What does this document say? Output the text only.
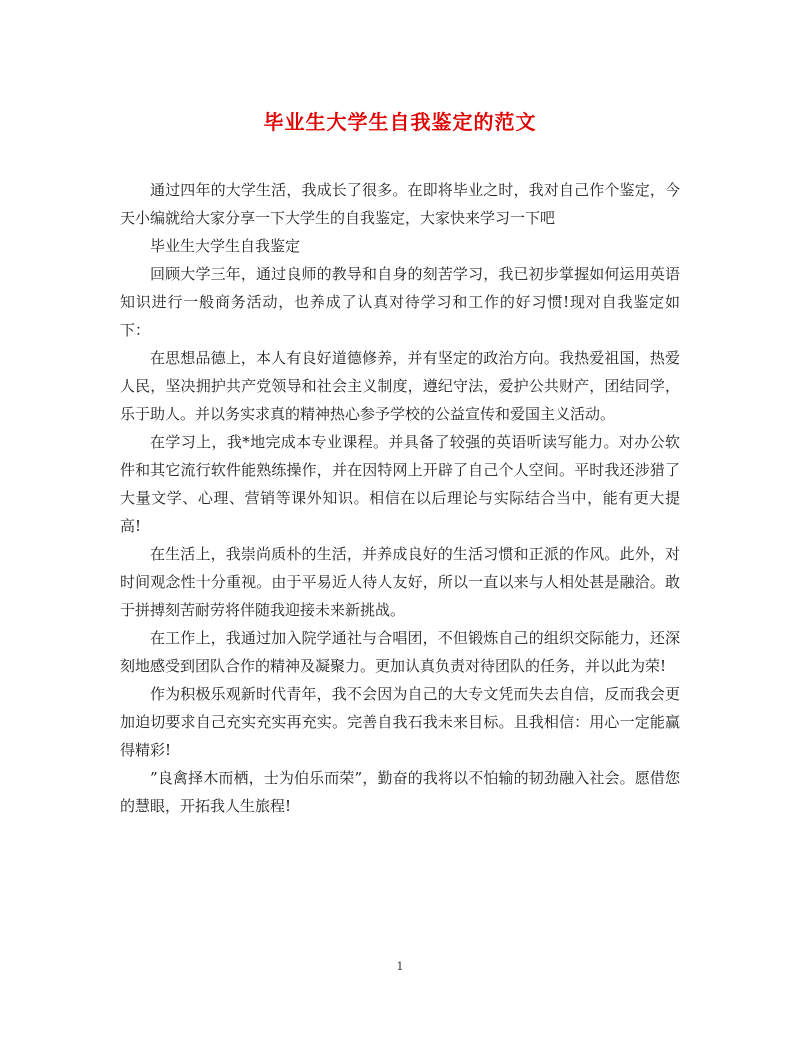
毕业生大学生自我鉴定的范文

通过四年的大学生活，我成长了很多。在即将毕业之时，我对自己作个鉴定，今天小编就给大家分享一下大学生的自我鉴定，大家快来学习一下吧

毕业生大学生自我鉴定

回顾大学三年，通过良师的教导和自身的刻苦学习，我已初步掌握如何运用英语知识进行一般商务活动，也养成了认真对待学习和工作的好习惯!现对自我鉴定如下：

在思想品德上，本人有良好道德修养，并有坚定的政治方向。我热爱祖国，热爱人民，坚决拥护共产党领导和社会主义制度，遵纪守法，爱护公共财产，团结同学，乐于助人。并以务实求真的精神热心参予学校的公益宣传和爱国主义活动。

在学习上，我*地完成本专业课程。并具备了较强的英语听读写能力。对办公软件和其它流行软件能熟练操作，并在因特网上开辟了自己个人空间。平时我还涉猎了大量文学、心理、营销等课外知识。相信在以后理论与实际结合当中，能有更大提高!

在生活上，我崇尚质朴的生活，并养成良好的生活习惯和正派的作风。此外，对时间观念性十分重视。由于平易近人待人友好，所以一直以来与人相处甚是融洽。敢于拼搏刻苦耐劳将伴随我迎接未来新挑战。

在工作上，我通过加入院学通社与合唱团，不但锻炼自己的组织交际能力，还深刻地感受到团队合作的精神及凝聚力。更加认真负责对待团队的任务，并以此为荣!

作为积极乐观新时代青年，我不会因为自己的大专文凭而失去自信，反而我会更加迫切要求自己充实充实再充实。完善自我石我未来目标。且我相信：用心一定能赢得精彩!

”良禽择木而栖，士为伯乐而荣”，勤奋的我将以不怕输的韧劲融入社会。愿借您的慧眼，开拓我人生旅程!

1
